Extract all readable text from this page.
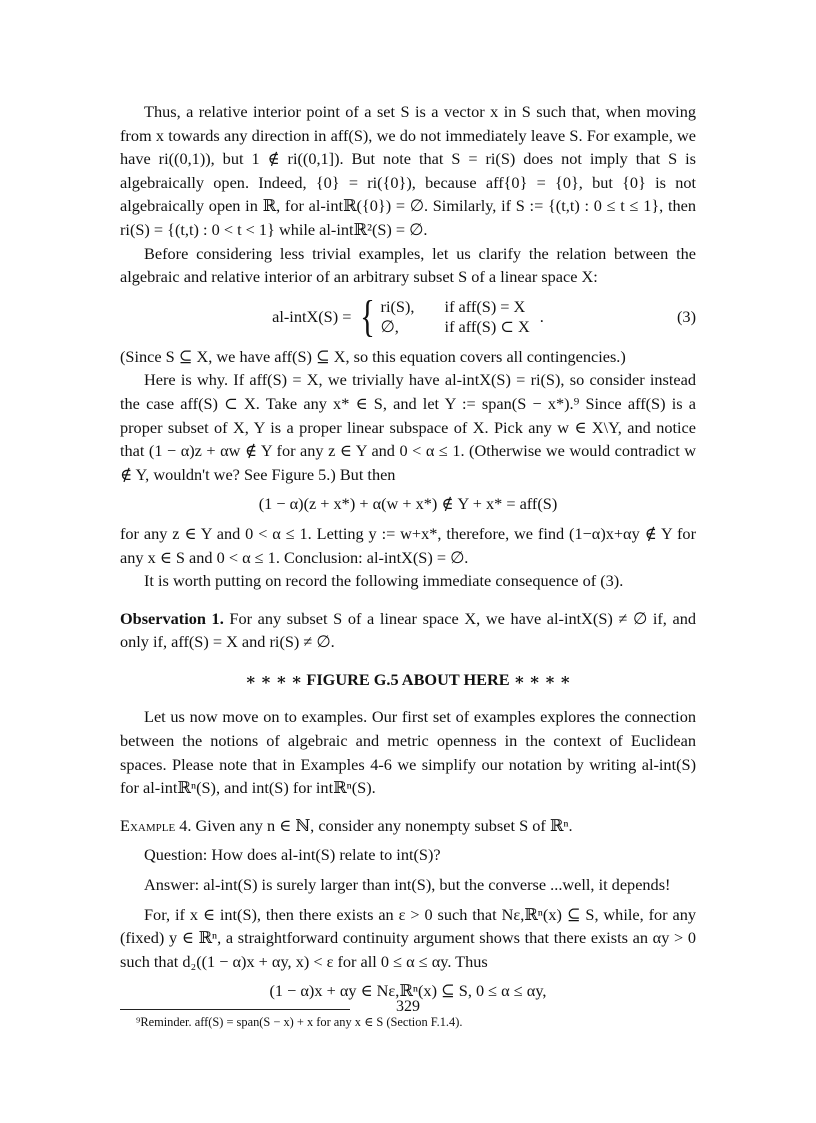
Thus, a relative interior point of a set S is a vector x in S such that, when moving from x towards any direction in aff(S), we do not immediately leave S. For example, we have ri((0,1)), but 1 ∉ ri((0,1]). But note that S = ri(S) does not imply that S is algebraically open. Indeed, {0} = ri({0}), because aff{0} = {0}, but {0} is not algebraically open in ℝ, for al-intℝ({0}) = ∅. Similarly, if S := {(t,t) : 0 ≤ t ≤ 1}, then ri(S) = {(t,t) : 0 < t < 1} while al-intℝ²(S) = ∅.

Before considering less trivial examples, let us clarify the relation between the algebraic and relative interior of an arbitrary subset S of a linear space X:

al-intX(S) = { ri(S),	if aff(S) = X
∅,	if aff(S) ⊂ X
.	(3)

(Since S ⊆ X, we have aff(S) ⊆ X, so this equation covers all contingencies.)

Here is why. If aff(S) = X, we trivially have al-intX(S) = ri(S), so consider instead the case aff(S) ⊂ X. Take any x* ∈ S, and let Y := span(S − x*).⁹ Since aff(S) is a proper subset of X, Y is a proper linear subspace of X. Pick any w ∈ X\Y, and notice that (1 − α)z + αw ∉ Y for any z ∈ Y and 0 < α ≤ 1. (Otherwise we would contradict w ∉ Y, wouldn't we? See Figure 5.) But then

(1 − α)(z + x*) + α(w + x*) ∉ Y + x* = aff(S)

for any z ∈ Y and 0 < α ≤ 1. Letting y := w+x*, therefore, we find (1−α)x+αy ∉ Y for any x ∈ S and 0 < α ≤ 1. Conclusion: al-intX(S) = ∅.

It is worth putting on record the following immediate consequence of (3).

Observation 1. For any subset S of a linear space X, we have al-intX(S) ≠ ∅ if, and only if, aff(S) = X and ri(S) ≠ ∅.

∗ ∗ ∗ ∗ FIGURE G.5 ABOUT HERE ∗ ∗ ∗ ∗

Let us now move on to examples. Our first set of examples explores the connection between the notions of algebraic and metric openness in the context of Euclidean spaces. Please note that in Examples 4-6 we simplify our notation by writing al-int(S) for al-intℝⁿ(S), and int(S) for intℝⁿ(S).

Example 4. Given any n ∈ ℕ, consider any nonempty subset S of ℝⁿ.

Question: How does al-int(S) relate to int(S)?

Answer: al-int(S) is surely larger than int(S), but the converse ...well, it depends!

For, if x ∈ int(S), then there exists an ε > 0 such that Nε,ℝⁿ(x) ⊆ S, while, for any (fixed) y ∈ ℝⁿ, a straightforward continuity argument shows that there exists an αy > 0 such that d₂((1 − α)x + αy, x) < ε for all 0 ≤ α ≤ αy. Thus

(1 − α)x + αy ∈ Nε,ℝⁿ(x) ⊆ S, 0 ≤ α ≤ αy,

⁹Reminder. aff(S) = span(S − x) + x for any x ∈ S (Section F.1.4).

329
